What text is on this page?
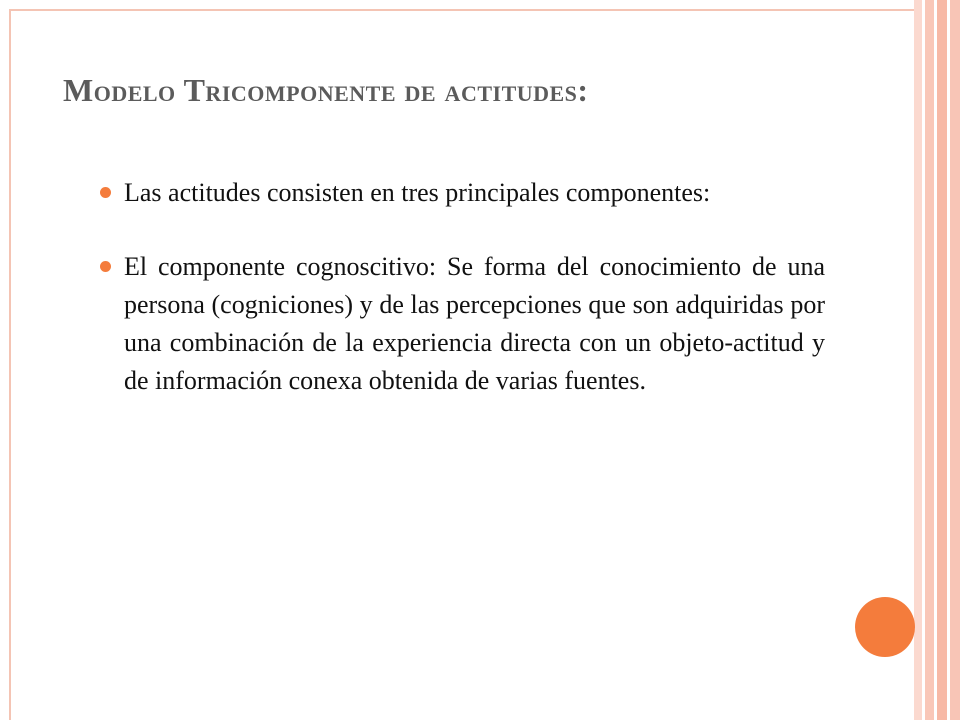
Modelo Tricomponente de actitudes:
Las actitudes consisten en tres principales componentes:
El componente cognoscitivo: Se forma del conocimiento de una persona (cogniciones) y de las percepciones que son adquiridas por una combinación de la experiencia directa con un objeto-actitud y de información conexa obtenida de varias fuentes.
